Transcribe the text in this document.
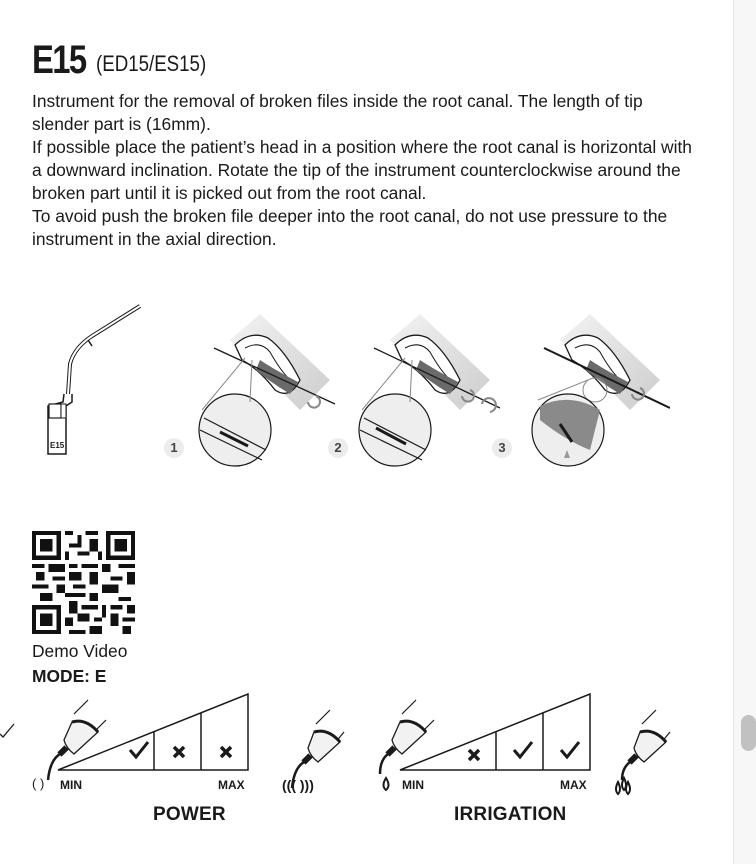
E15 (ED15/ES15)

Instrument for the removal of broken files inside the root canal. The length of tip slender part is (16mm).

If possible place the patient’s head in a position where the root canal is horizontal with a downward inclination. Rotate the tip of the instrument counterclockwise around the broken part until it is picked out from the root canal.

To avoid push the broken file deeper into the root canal, do not use pressure to the instrument in the axial direction.

E15	1	2	3
Demo Video
MODE: E
( ) MIN	MAX	((( )))
POWER
MIN	MAX
IRRIGATION
